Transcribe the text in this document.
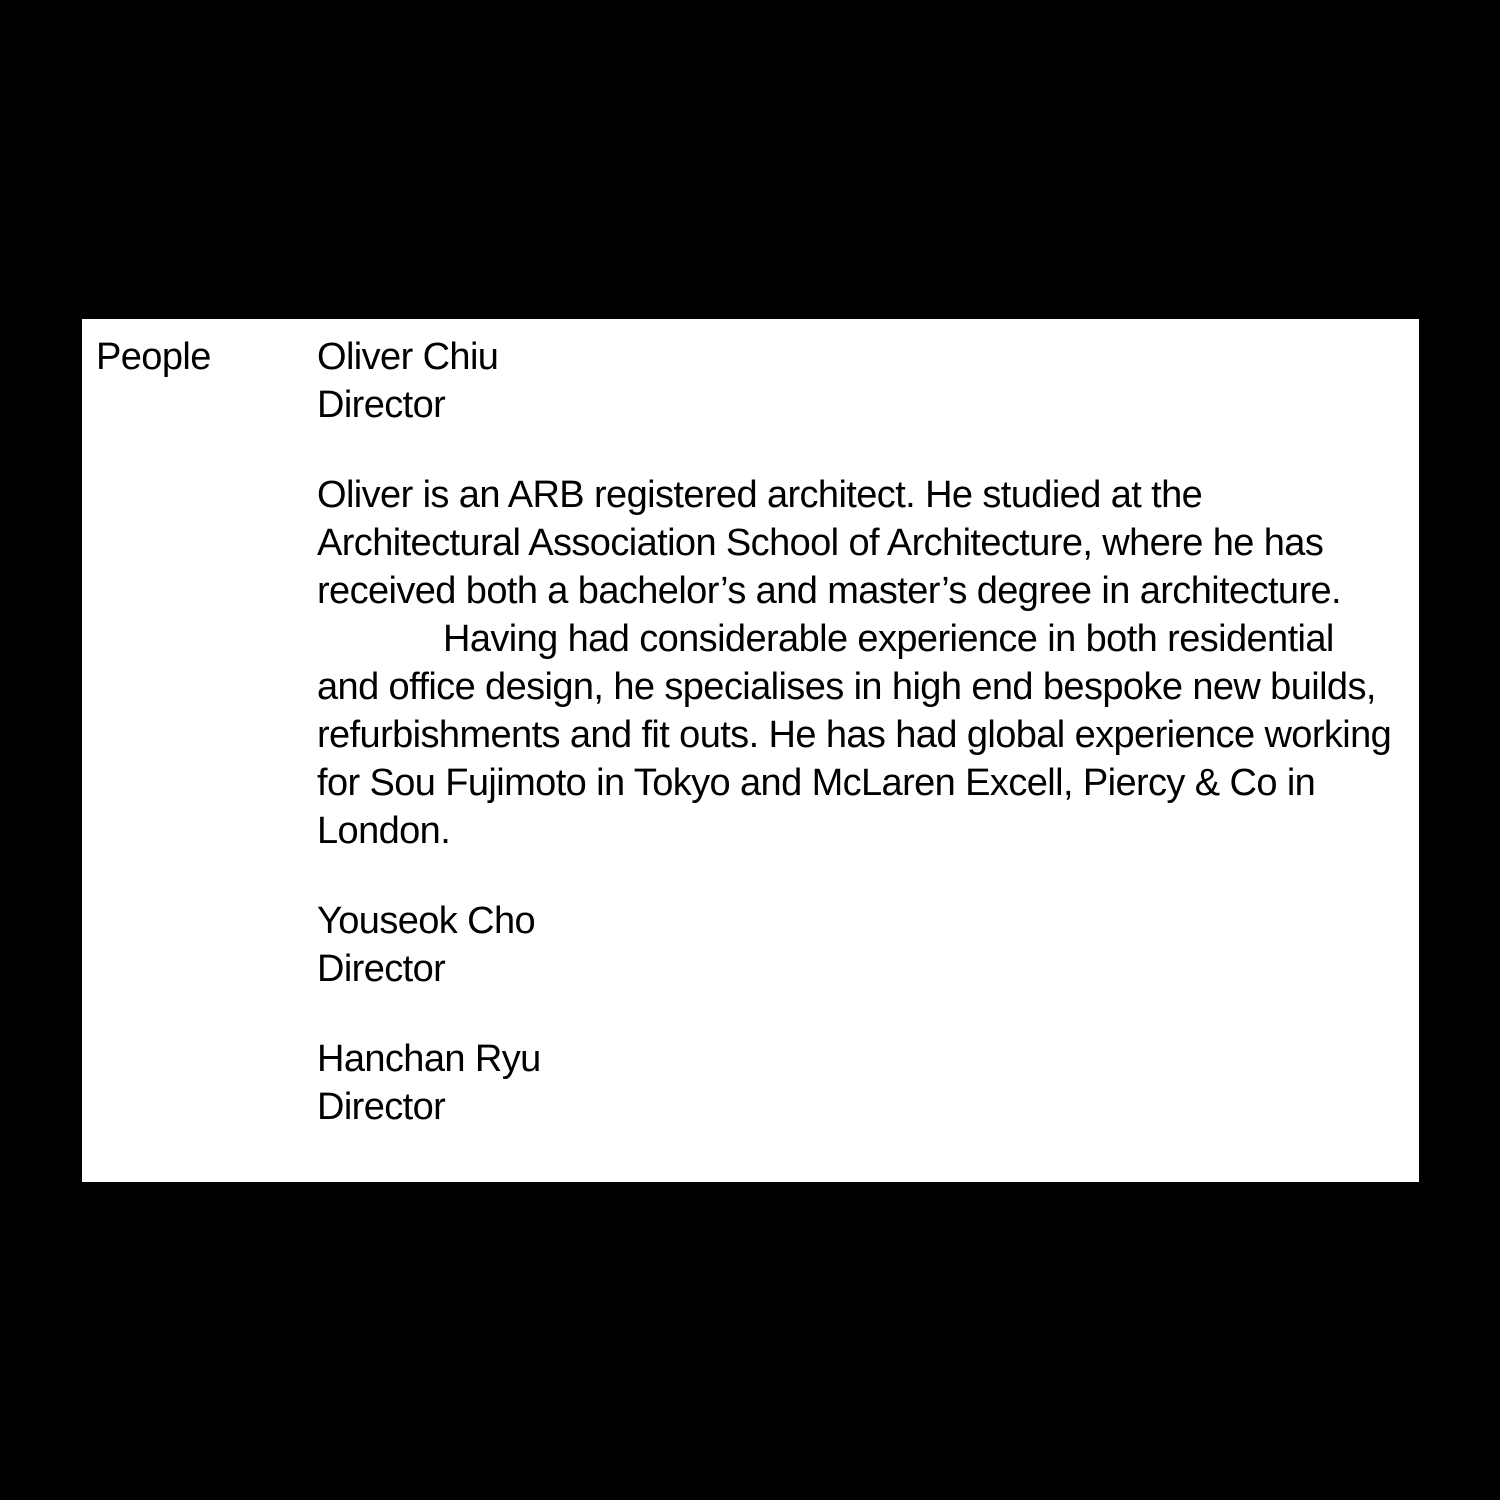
People	Oliver Chiu
Director

Oliver is an ARB registered architect. He studied at the Architectural Association School of Architecture, where he has received both a bachelor’s and master’s degree in architecture.

Having had considerable experience in both residential and office design, he specialises in high end bespoke new builds, refurbishments and fit outs. He has had global experience working for Sou Fujimoto in Tokyo and McLaren Excell, Piercy & Co in London.

Youseok Cho
Director
Hanchan Ryu
Director
